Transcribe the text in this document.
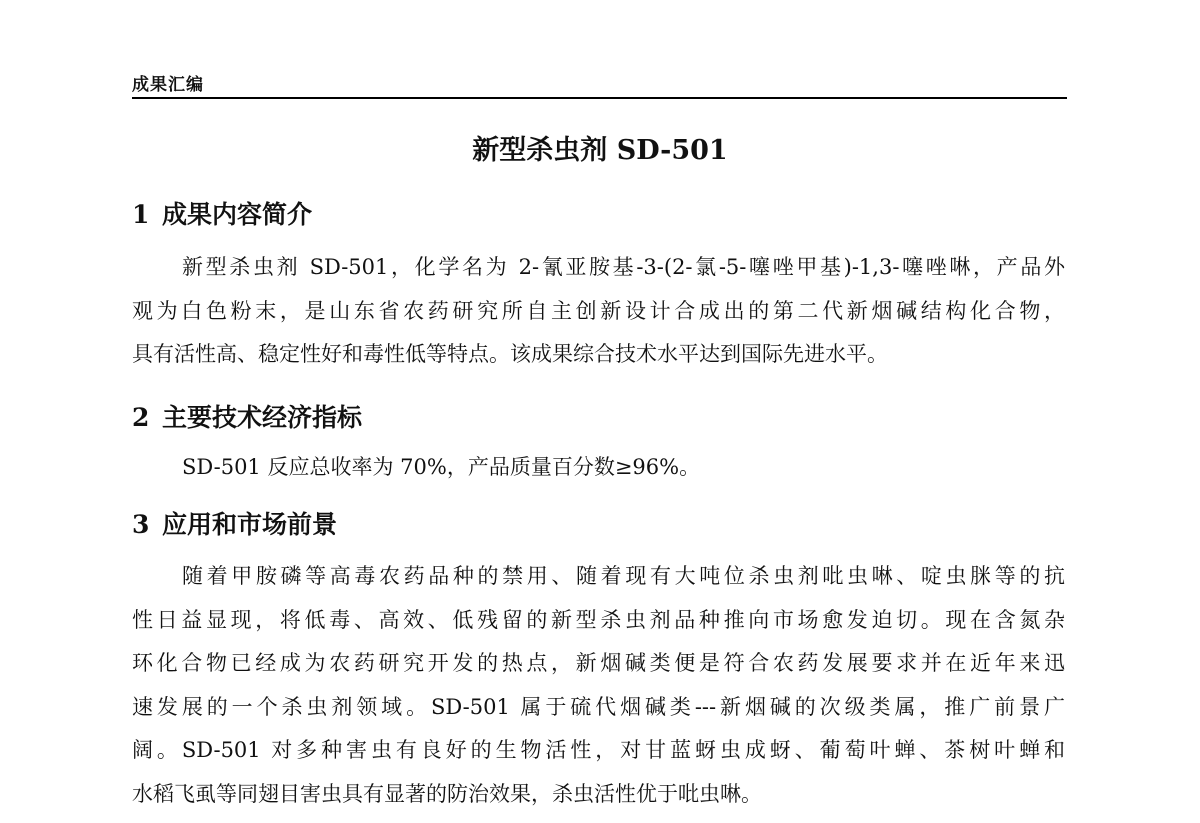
成果汇编
新型杀虫剂 SD-501
1 成果内容简介
新型杀虫剂 SD-501，化学名为 2-氰亚胺基-3-(2-氯-5-噻唑甲基)-1,3-噻唑啉，产品外
观为白色粉末，是山东省农药研究所自主创新设计合成出的第二代新烟碱结构化合物，
具有活性高、稳定性好和毒性低等特点。该成果综合技术水平达到国际先进水平。
2 主要技术经济指标
SD-501 反应总收率为 70%，产品质量百分数≥96%。
3 应用和市场前景
随着甲胺磷等高毒农药品种的禁用、随着现有大吨位杀虫剂吡虫啉、啶虫脒等的抗
性日益显现，将低毒、高效、低残留的新型杀虫剂品种推向市场愈发迫切。现在含氮杂
环化合物已经成为农药研究开发的热点，新烟碱类便是符合农药发展要求并在近年来迅
速发展的一个杀虫剂领域。SD-501 属于硫代烟碱类---新烟碱的次级类属，推广前景广
阔。SD-501 对多种害虫有良好的生物活性，对甘蓝蚜虫成蚜、葡萄叶蝉、茶树叶蝉和
水稻飞虱等同翅目害虫具有显著的防治效果，杀虫活性优于吡虫啉。
